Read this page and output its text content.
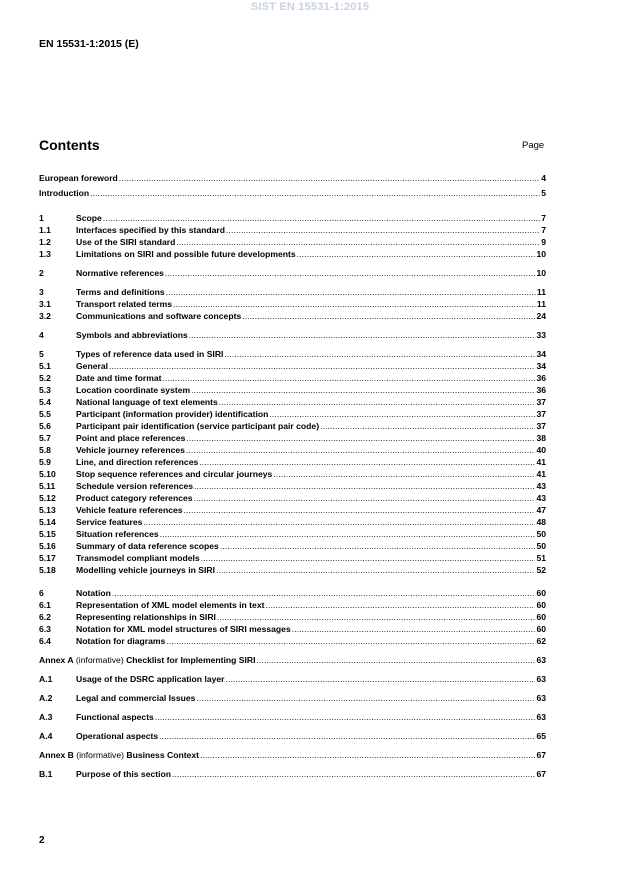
SIST EN 15531-1:2015
EN 15531-1:2015 (E)
Contents	Page
European foreword .....	4
Introduction .....	5
1	Scope .....	7
1.1	Interfaces specified by this standard .....	7
1.2	Use of the SIRI standard .....	9
1.3	Limitations on SIRI and possible future developments .....	10
2	Normative references .....	10
3	Terms and definitions .....	11
3.1	Transport related terms .....	11
3.2	Communications and software concepts .....	24
4	Symbols and abbreviations .....	33
5	Types of reference data used in SIRI .....	34
5.1	General .....	34
5.2	Date and time format .....	36
5.3	Location coordinate system .....	36
5.4	National language of text elements .....	37
5.5	Participant (information provider) identification .....	37
5.6	Participant pair identification (service participant pair code) .....	37
5.7	Point and place references .....	38
5.8	Vehicle journey references .....	40
5.9	Line, and direction references .....	41
5.10	Stop sequence references and circular journeys .....	41
5.11	Schedule version references .....	43
5.12	Product category references .....	43
5.13	Vehicle feature references .....	47
5.14	Service features .....	48
5.15	Situation references .....	50
5.16	Summary of data reference scopes .....	50
5.17	Transmodel compliant models .....	51
5.18	Modelling vehicle journeys in SIRI .....	52
6	Notation .....	60
6.1	Representation of XML model elements in text .....	60
6.2	Representing relationships in SIRI .....	60
6.3	Notation for XML model structures of SIRI messages .....	60
6.4	Notation for diagrams .....	62
Annex A (informative) Checklist for Implementing SIRI .....	63
A.1	Usage of the DSRC application layer .....	63
A.2	Legal and commercial Issues .....	63
A.3	Functional aspects .....	63
A.4	Operational aspects .....	65
Annex B (informative) Business Context .....	67
B.1	Purpose of this section .....	67
2
